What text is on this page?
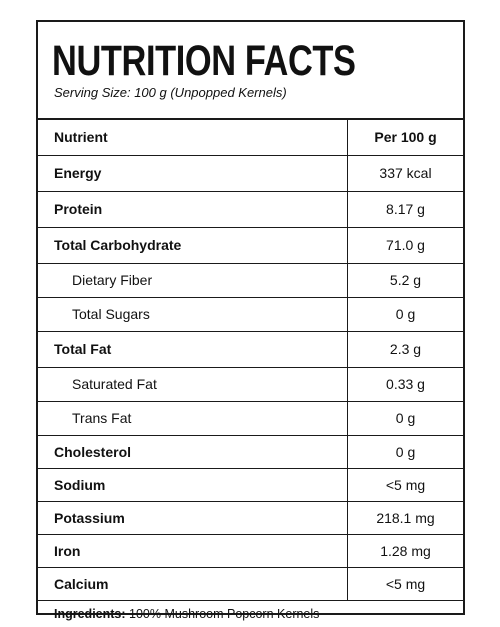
NUTRITION FACTS

Serving Size: 100 g (Unpopped Kernels)

Nutrient	Per 100 g
Energy	337 kcal
Protein	8.17 g
Total Carbohydrate	71.0 g
Dietary Fiber	5.2 g
Total Sugars	0 g
Total Fat	2.3 g
Saturated Fat	0.33 g
Trans Fat	0 g
Cholesterol	0 g
Sodium	<5 mg
Potassium	218.1 mg
Iron	1.28 mg
Calcium	<5 mg
Ingredients: 100% Mushroom Popcorn Kernels	
